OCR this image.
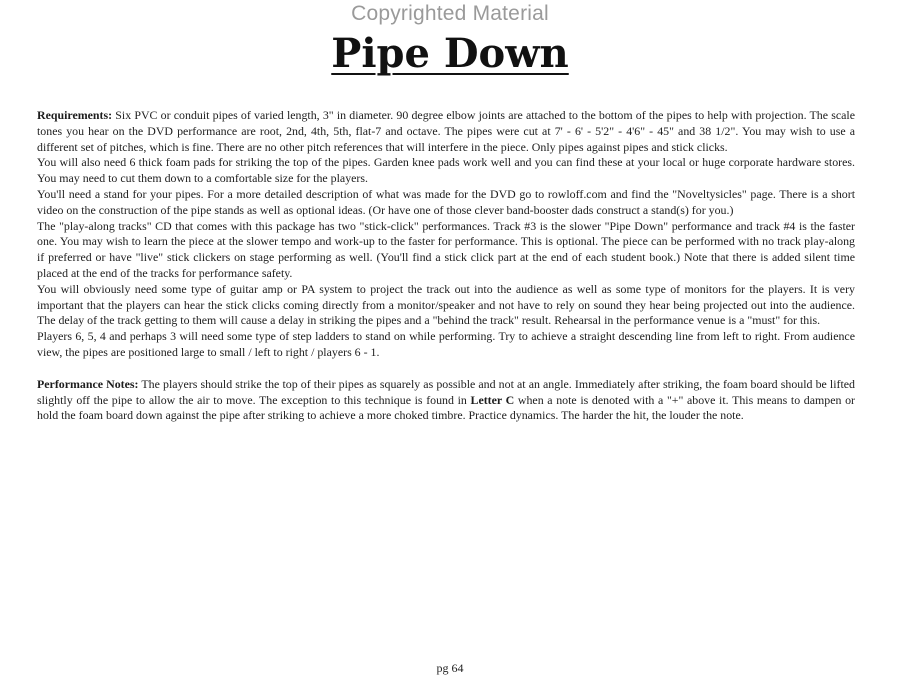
Copyrighted Material
Pipe Down

Requirements: Six PVC or conduit pipes of varied length, 3" in diameter. 90 degree elbow joints are attached to the bottom of the pipes to help with projection. The scale tones you hear on the DVD performance are root, 2nd, 4th, 5th, flat-7 and octave. The pipes were cut at 7' - 6' - 5'2" - 4'6" - 45" and 38 1/2". You may wish to use a different set of pitches, which is fine. There are no other pitch references that will interfere in the piece. Only pipes against pipes and stick clicks.

You will also need 6 thick foam pads for striking the top of the pipes. Garden knee pads work well and you can find these at your local or huge corporate hardware stores. You may need to cut them down to a comfortable size for the players.

You'll need a stand for your pipes. For a more detailed description of what was made for the DVD go to rowloff.com and find the "Noveltysicles" page. There is a short video on the construction of the pipe stands as well as optional ideas. (Or have one of those clever band-booster dads construct a stand(s) for you.)

The "play-along tracks" CD that comes with this package has two "stick-click" performances. Track #3 is the slower "Pipe Down" performance and track #4 is the faster one. You may wish to learn the piece at the slower tempo and work-up to the faster for performance. This is optional. The piece can be performed with no track play-along if preferred or have "live" stick clickers on stage performing as well. (You'll find a stick click part at the end of each student book.) Note that there is added silent time placed at the end of the tracks for performance safety.

You will obviously need some type of guitar amp or PA system to project the track out into the audience as well as some type of monitors for the players. It is very important that the players can hear the stick clicks coming directly from a monitor/speaker and not have to rely on sound they hear being projected out into the audience. The delay of the track getting to them will cause a delay in striking the pipes and a "behind the track" result. Rehearsal in the performance venue is a "must" for this.

Players 6, 5, 4 and perhaps 3 will need some type of step ladders to stand on while performing. Try to achieve a straight descending line from left to right. From audience view, the pipes are positioned large to small / left to right / players 6 - 1.

Performance Notes: The players should strike the top of their pipes as squarely as possible and not at an angle. Immediately after striking, the foam board should be lifted slightly off the pipe to allow the air to move. The exception to this technique is found in Letter C when a note is denoted with a "+" above it. This means to dampen or hold the foam board down against the pipe after striking to achieve a more choked timbre. Practice dynamics. The harder the hit, the louder the note.

pg 64
